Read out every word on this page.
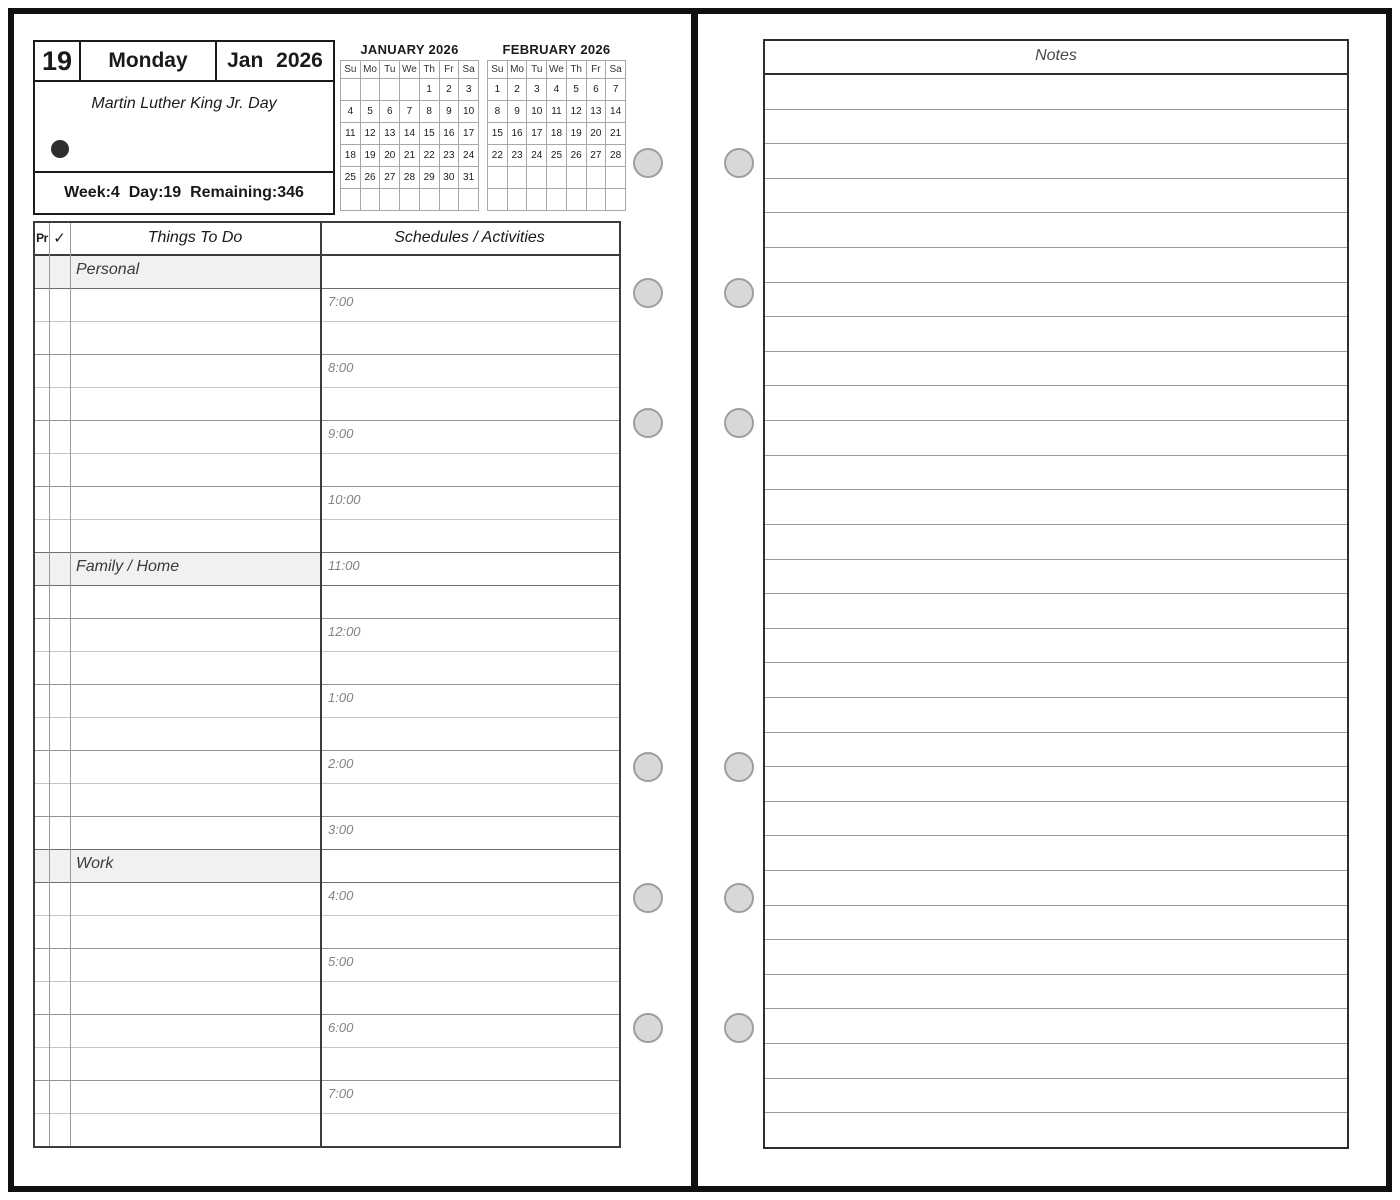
19	Monday	Jan 2026
Martin Luther King Jr. Day
Week:4  Day:19  Remaining:346
JANUARY 2026
Su	Mo	Tu	We	Th	Fr	Sa
				1	2	3
4	5	6	7	8	9	10
11	12	13	14	15	16	17
18	19	20	21	22	23	24
25	26	27	28	29	30	31

FEBRUARY 2026
Su	Mo	Tu	We	Th	Fr	Sa
1	2	3	4	5	6	7
8	9	10	11	12	13	14
15	16	17	18	19	20	21
22	23	24	25	26	27	28

Pr ✓	Things To Do	Schedules / Activities
Personal
7:00
8:00
9:00
10:00
Family / Home	11:00
12:00
1:00
2:00
3:00
Work
4:00
5:00
6:00
7:00
Notes
